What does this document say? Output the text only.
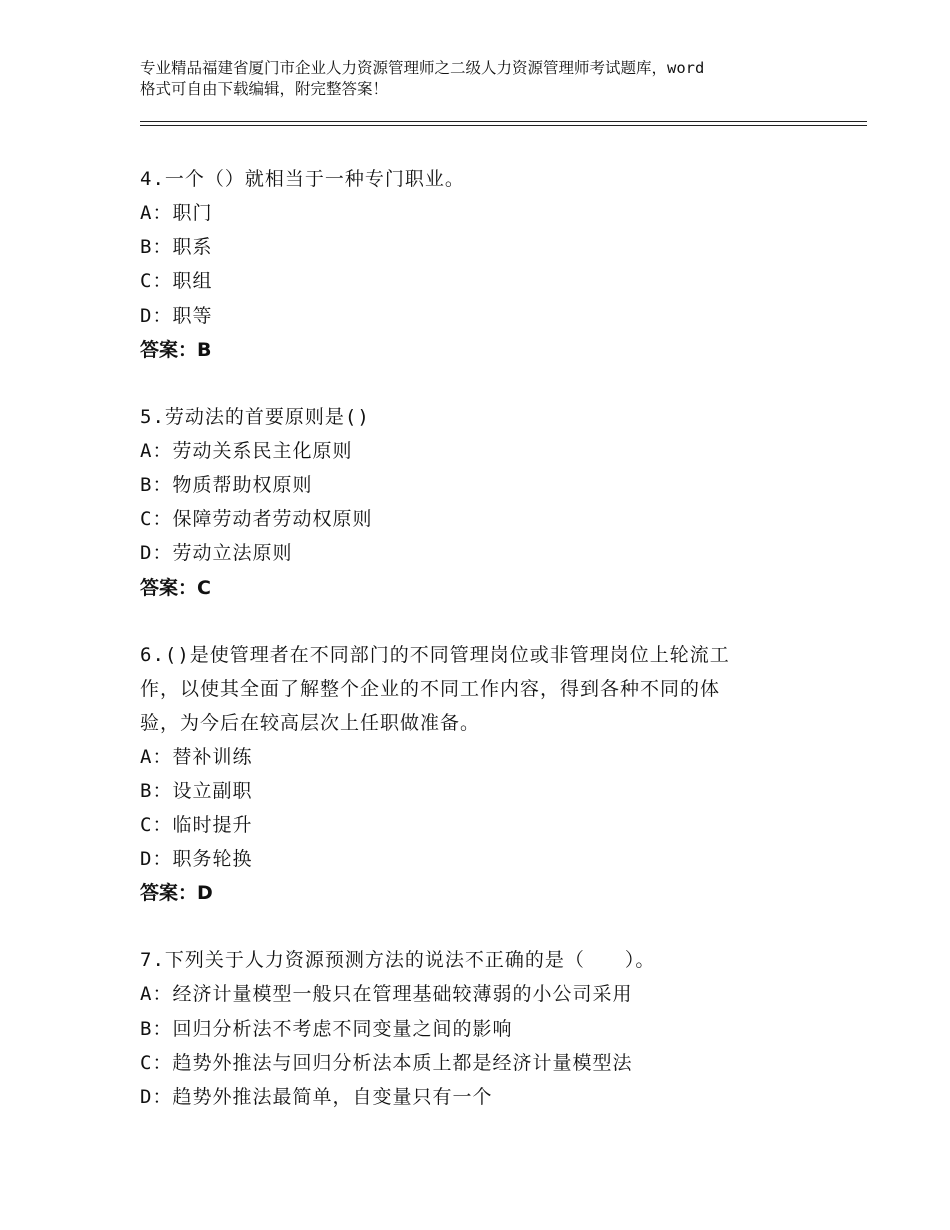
专业精品福建省厦门市企业人力资源管理师之二级人力资源管理师考试题库，word
格式可自由下载编辑，附完整答案！
4.一个（）就相当于一种专门职业。
A：职门
B：职系
C：职组
D：职等
答案：B
5.劳动法的首要原则是()
A：劳动关系民主化原则
B：物质帮助权原则
C：保障劳动者劳动权原则
D：劳动立法原则
答案：C
6.()是使管理者在不同部门的不同管理岗位或非管理岗位上轮流工
作，以使其全面了解整个企业的不同工作内容，得到各种不同的体
验，为今后在较高层次上任职做准备。
A：替补训练
B：设立副职
C：临时提升
D：职务轮换
答案：D
7.下列关于人力资源预测方法的说法不正确的是（　　）。
A：经济计量模型一般只在管理基础较薄弱的小公司采用
B：回归分析法不考虑不同变量之间的影响
C：趋势外推法与回归分析法本质上都是经济计量模型法
D：趋势外推法最简单，自变量只有一个
